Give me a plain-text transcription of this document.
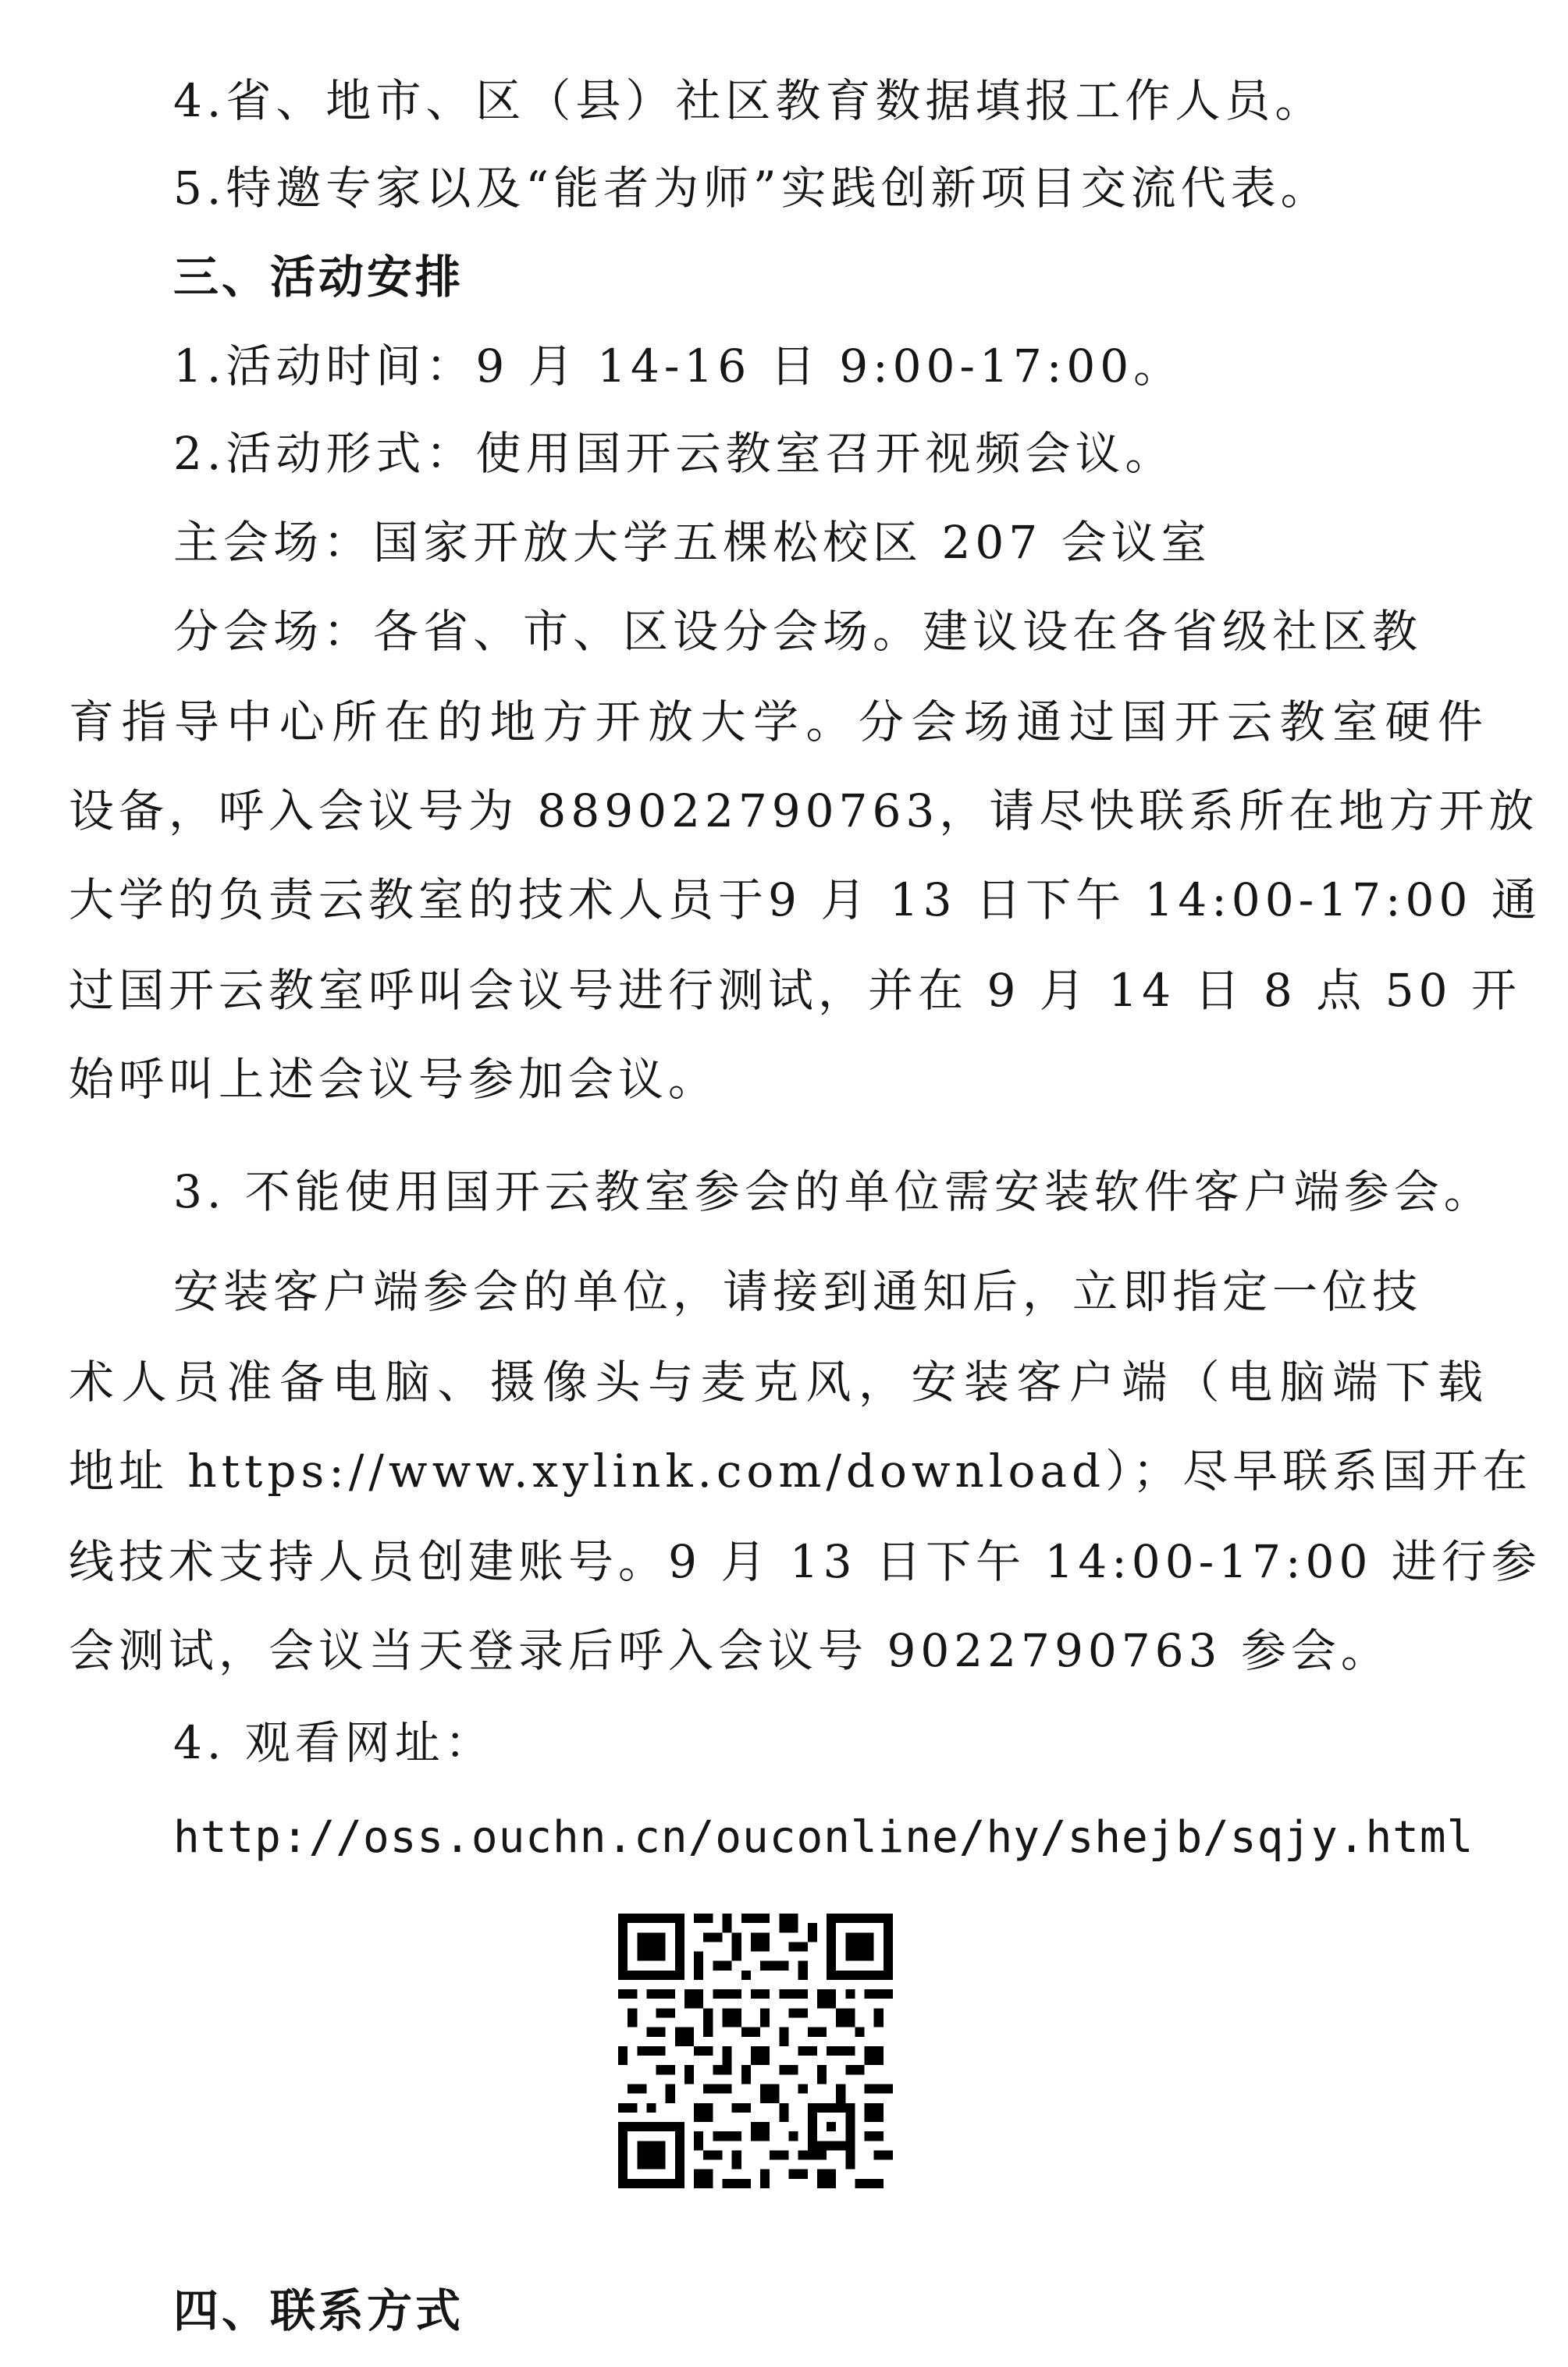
4.省、地市、区（县）社区教育数据填报工作人员。
5.特邀专家以及“能者为师”实践创新项目交流代表。
三、活动安排
1.活动时间：9 月 14-16 日 9:00-17:00。
2.活动形式：使用国开云教室召开视频会议。
主会场：国家开放大学五棵松校区 207 会议室
分会场：各省、市、区设分会场。建议设在各省级社区教
育指导中心所在的地方开放大学。分会场通过国开云教室硬件
设备，呼入会议号为 889022790763，请尽快联系所在地方开放
大学的负责云教室的技术人员于9 月 13 日下午 14:00-17:00 通
过国开云教室呼叫会议号进行测试，并在 9 月 14 日 8 点 50 开
始呼叫上述会议号参加会议。
3. 不能使用国开云教室参会的单位需安装软件客户端参会。
安装客户端参会的单位，请接到通知后，立即指定一位技
术人员准备电脑、摄像头与麦克风，安装客户端（电脑端下载
地址 https://www.xylink.com/download）；尽早联系国开在
线技术支持人员创建账号。9 月 13 日下午 14:00-17:00 进行参
会测试，会议当天登录后呼入会议号 9022790763 参会。
4. 观看网址：
http://oss.ouchn.cn/ouconline/hy/shejb/sqjy.html
四、联系方式
